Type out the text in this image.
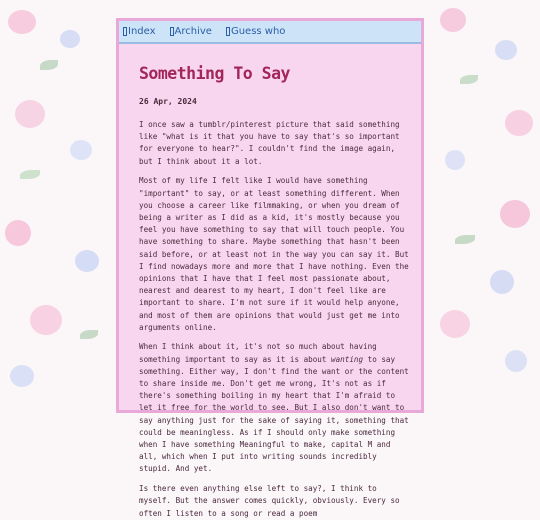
Index Archive Guess who
Something To Say
26 Apr, 2024

I once saw a tumblr/pinterest picture that said something like "what is it that you have to say that's so important for everyone to hear?". I couldn't find the image again, but I think about it a lot.

Most of my life I felt like I would have something "important" to say, or at least something different. When you choose a career like filmmaking, or when you dream of being a writer as I did as a kid, it's mostly because you feel you have something to say that will touch people. You have something to share. Maybe something that hasn't been said before, or at least not in the way you can say it. But I find nowadays more and more that I have nothing. Even the opinions that I have that I feel most passionate about, nearest and dearest to my heart, I don't feel like are important to share. I'm not sure if it would help anyone, and most of them are opinions that would just get me into arguments online.

When I think about it, it's not so much about having something important to say as it is about wanting to say something. Either way, I don't find the want or the content to share inside me. Don't get me wrong, It's not as if there's something boiling in my heart that I'm afraid to let it free for the world to see. But I also don't want to say anything just for the sake of saying it, something that could be meaningless. As if I should only make something when I have something Meaningful to make, capital M and all, which when I put into writing sounds incredibly stupid. And yet.

Is there even anything else left to say?, I think to myself. But the answer comes quickly, obviously. Every so often I listen to a song or read a poem
